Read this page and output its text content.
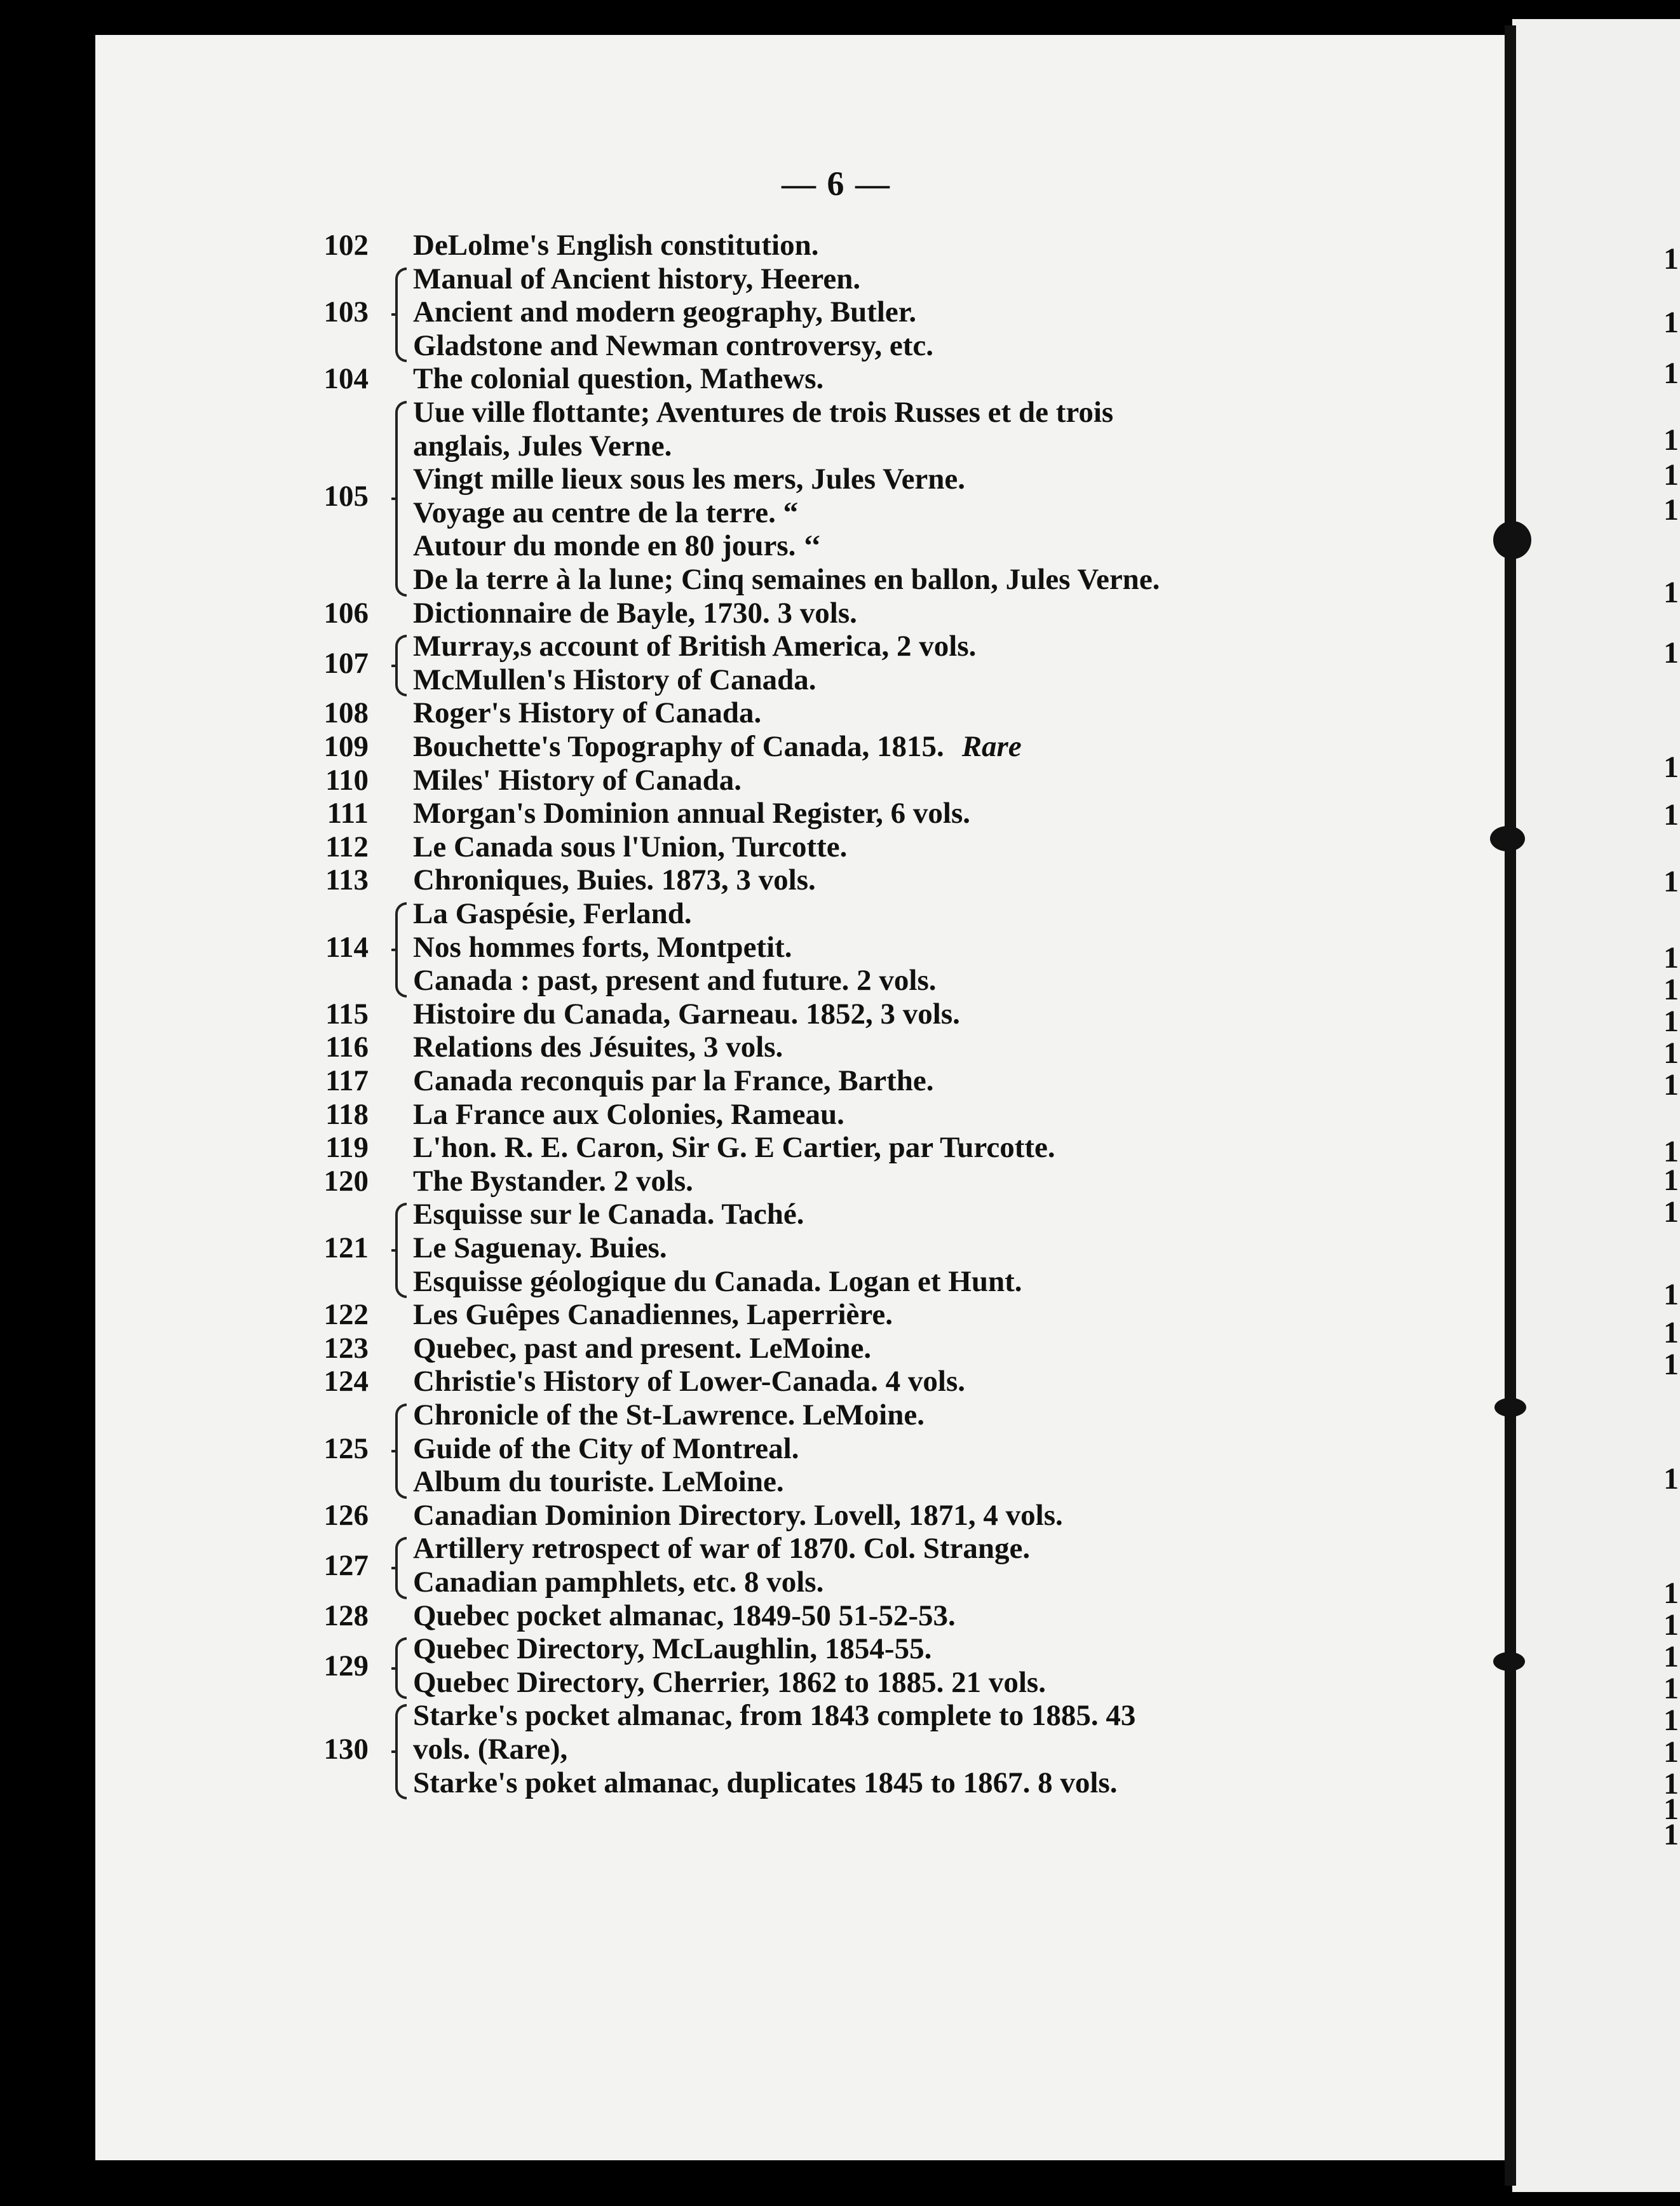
— 6 —
102 DeLolme's English constitution.
103
Manual of Ancient history, Heeren.
Ancient and modern geography, Butler.
Gladstone and Newman controversy, etc.
104 The colonial question, Mathews.
105
Uue ville flottante; Aventures de trois Russes et de trois
anglais, Jules Verne.
Vingt mille lieux sous les mers, Jules Verne.
Voyage au centre de la terre. “
Autour du monde en 80 jours. ‘‘
De la terre à la lune; Cinq semaines en ballon, Jules Verne.
106 Dictionnaire de Bayle, 1730. 3 vols.
107
Murray,s account of British America, 2 vols.
McMullen's History of Canada.
108 Roger's History of Canada.
109 Bouchette's Topography of Canada, 1815. Rare
110 Miles' History of Canada.
111 Morgan's Dominion annual Register, 6 vols.
112 Le Canada sous l'Union, Turcotte.
113 Chroniques, Buies. 1873, 3 vols.
114
La Gaspésie, Ferland.
Nos hommes forts, Montpetit.
Canada : past, present and future. 2 vols.
115 Histoire du Canada, Garneau. 1852, 3 vols.
116 Relations des Jésuites, 3 vols.
117 Canada reconquis par la France, Barthe.
118 La France aux Colonies, Rameau.
119 L'hon. R. E. Caron, Sir G. E Cartier, par Turcotte.
120 The Bystander. 2 vols.
121
Esquisse sur le Canada. Taché.
Le Saguenay. Buies.
Esquisse géologique du Canada. Logan et Hunt.
122 Les Guêpes Canadiennes, Laperrière.
123 Quebec, past and present. LeMoine.
124 Christie's History of Lower-Canada. 4 vols.
125
Chronicle of the St-Lawrence. LeMoine.
Guide of the City of Montreal.
Album du touriste. LeMoine.
126 Canadian Dominion Directory. Lovell, 1871, 4 vols.
127
Artillery retrospect of war of 1870. Col. Strange.
Canadian pamphlets, etc. 8 vols.
128 Quebec pocket almanac, 1849-50 51-52-53.
129
Quebec Directory, McLaughlin, 1854-55.
Quebec Directory, Cherrier, 1862 to 1885. 21 vols.
130
Starke's pocket almanac, from 1843 complete to 1885. 43
vols. (Rare),
Starke's poket almanac, duplicates 1845 to 1867. 8 vols.
1
1
1
1
1
1
1
1
1
1
1
1
1
1
1
1
1
1
1
1
1
1
1
1
1
1
1
1
1
1
1
1
